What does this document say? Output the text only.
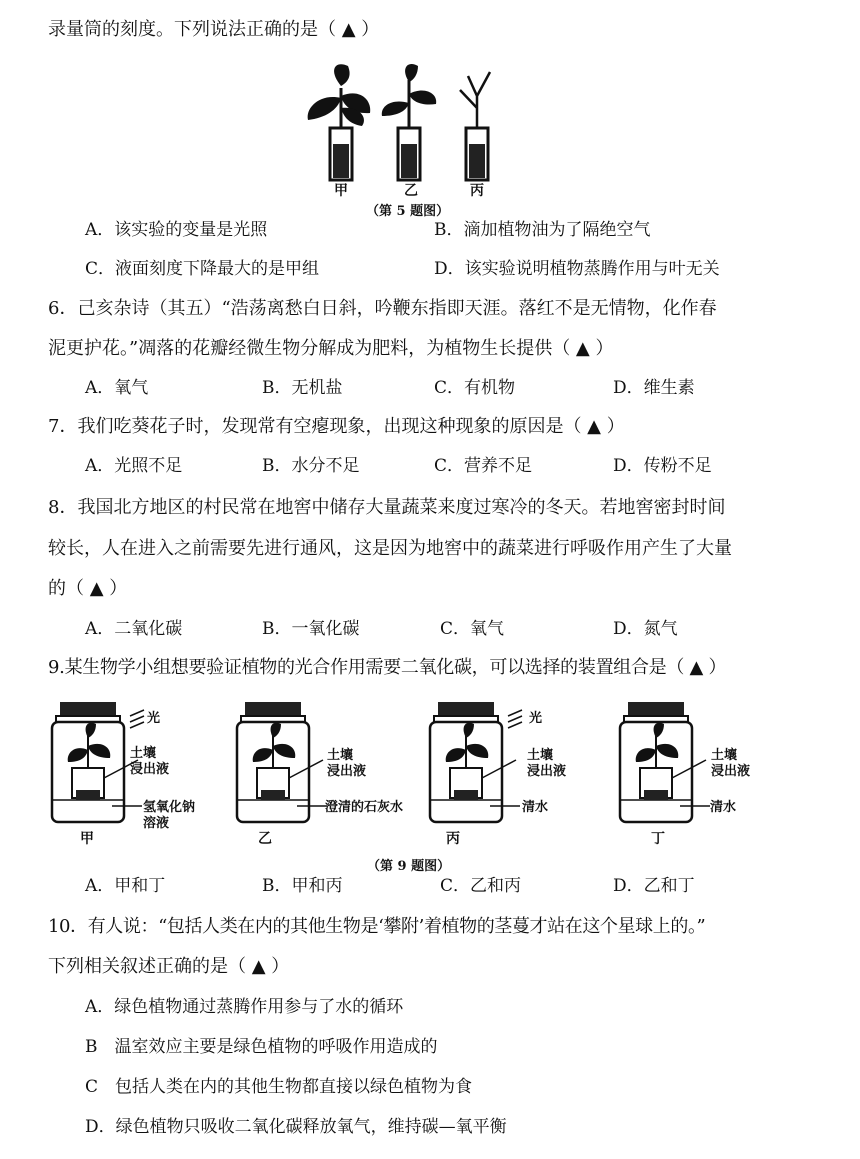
录量筒的刻度。下列说法正确的是（ ▲ ）
甲	乙	丙
（第 5 题图）
A．该实验的变量是光照	B．滴加植物油为了隔绝空气
C．液面刻度下降最大的是甲组	D．该实验说明植物蒸腾作用与叶无关
6．己亥杂诗（其五）“浩荡离愁白日斜，吟鞭东指即天涯。落红不是无情物，化作春
泥更护花。”凋落的花瓣经微生物分解成为肥料，为植物生长提供（ ▲ ）
A．氧气	B．无机盐	C．有机物	D．维生素
7．我们吃葵花子时，发现常有空瘪现象，出现这种现象的原因是（ ▲ ）
A．光照不足	B．水分不足	C．营养不足	D．传粉不足
8．我国北方地区的村民常在地窖中储存大量蔬菜来度过寒冷的冬天。若地窖密封时间
较长，人在进入之前需要先进行通风，这是因为地窖中的蔬菜进行呼吸作用产生了大量
的（ ▲ ）
A．二氧化碳	B．一氧化碳	C．氧气	D．氮气
9.某生物学小组想要验证植物的光合作用需要二氧化碳，可以选择的装置组合是（ ▲ ）
甲	乙	丙	丁
光
土壤
浸出液
氢氧化钠
溶液
土壤
浸出液
澄清的石灰水
光
土壤
浸出液
清水
土壤
浸出液
清水
（第 9 题图）
A．甲和丁	B．甲和丙	C．乙和丙	D．乙和丁
10．有人说：“包括人类在内的其他生物是‘攀附’着植物的茎蔓才站在这个星球上的。”
下列相关叙述正确的是（ ▲ ）
A．绿色植物通过蒸腾作用参与了水的循环
B　温室效应主要是绿色植物的呼吸作用造成的
C　包括人类在内的其他生物都直接以绿色植物为食
D．绿色植物只吸收二氧化碳释放氧气，维持碳—氧平衡
